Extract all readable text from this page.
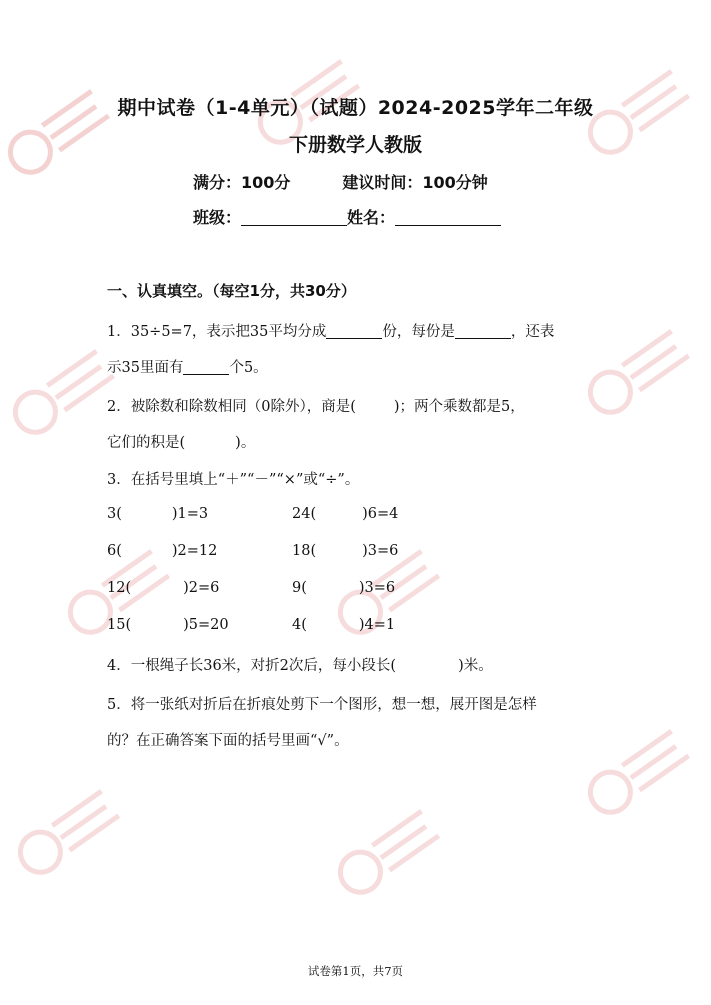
期中试卷（1-4单元）（试题）2024-2025学年二年级
下册数学人教版
满分：100分	建议时间：100分钟
班级：	姓名：
一、认真填空。（每空1分，共30分）
1．35÷5=7，表示把35平均分成	份，每份是	，还表
示35里面有	个5。
2．被除数和除数相同（0除外），商是(	)；两个乘数都是5，
它们的积是(	)。
3．在括号里填上“＋”“－”“×”或“÷”。
3(	)1=3	24(	)6=4
6(	)2=12	18(	)3=6
12(	)2=6	9(	)3=6
15(	)5=20	4(	)4=1
4．一根绳子长36米，对折2次后，每小段长(	)米。
5．将一张纸对折后在折痕处剪下一个图形，想一想，展开图是怎样
的？在正确答案下面的括号里画“√”。
试卷第1页，共7页
